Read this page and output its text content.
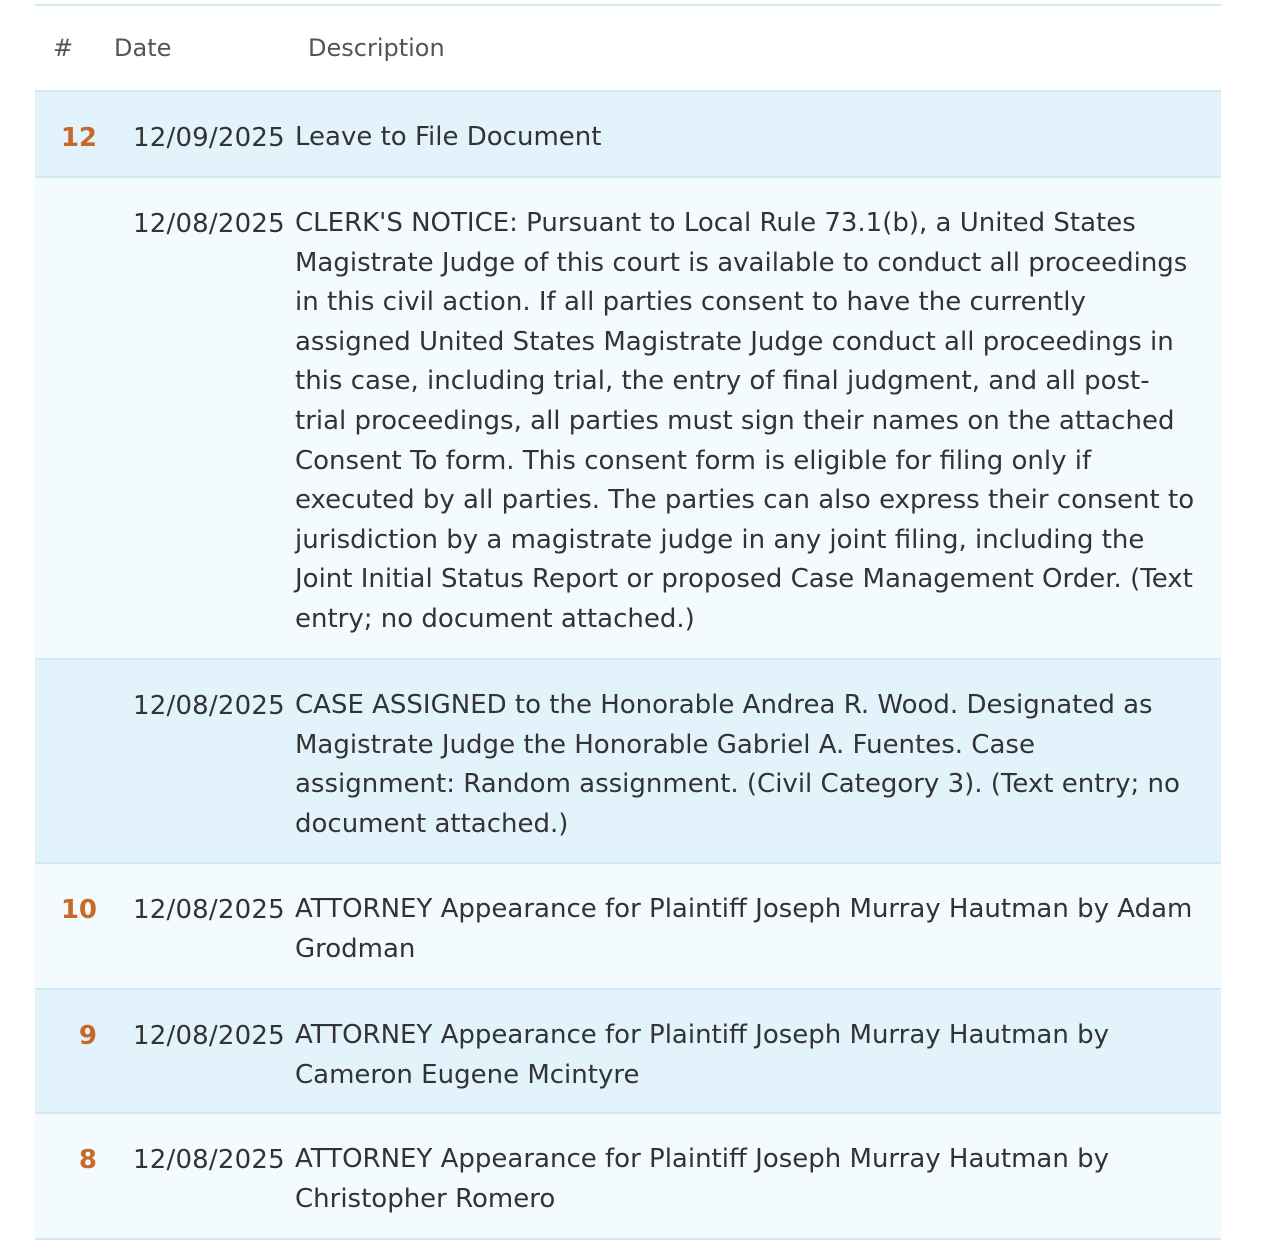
# Date	Description
12 12/09/2025 Leave to File Document
12/08/2025 CLERK'S NOTICE: Pursuant to Local Rule 73.1(b), a United States Magistrate Judge of this court is available to conduct all proceedings in this civil action. If all parties consent to have the currently assigned United States Magistrate Judge conduct all proceedings in this case, including trial, the entry of final judgment, and all post-trial proceedings, all parties must sign their names on the attached Consent To form. This consent form is eligible for filing only if executed by all parties. The parties can also express their consent to jurisdiction by a magistrate judge in any joint filing, including the Joint Initial Status Report or proposed Case Management Order. (Text entry; no document attached.)
12/08/2025 CASE ASSIGNED to the Honorable Andrea R. Wood. Designated as Magistrate Judge the Honorable Gabriel A. Fuentes. Case assignment: Random assignment. (Civil Category 3). (Text entry; no document attached.)
10 12/08/2025 ATTORNEY Appearance for Plaintiff Joseph Murray Hautman by Adam Grodman
9 12/08/2025 ATTORNEY Appearance for Plaintiff Joseph Murray Hautman by Cameron Eugene Mcintyre
8 12/08/2025 ATTORNEY Appearance for Plaintiff Joseph Murray Hautman by Christopher Romero
